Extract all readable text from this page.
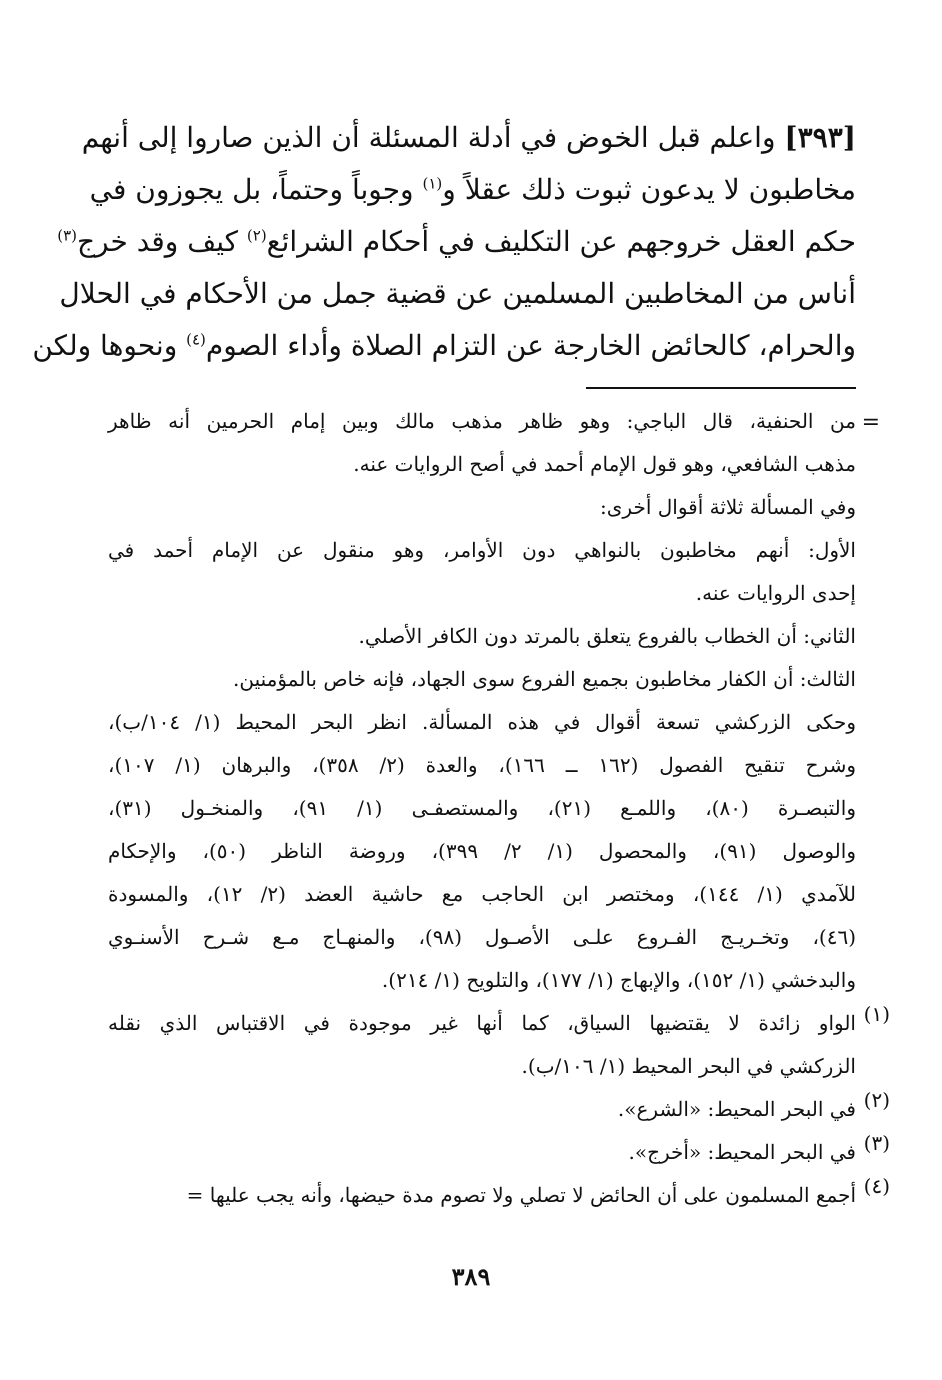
[٣٩٣] واعلم قبل الخوض في أدلة المسئلة أن الذين صاروا إلى أنهم
مخاطبون لا يدعون ثبوت ذلك عقلاً و$^{(١)}$ وجوباً وحتماً، بل يجوزون في
حكم العقل خروجهم عن التكليف في أحكام الشرائع$^{(٢)}$ كيف وقد خرج$^{(٣)}$
أناس من المخاطبين المسلمين عن قضية جمل من الأحكام في الحلال
والحرام، كالحائض الخارجة عن التزام الصلاة وأداء الصوم$^{(٤)}$ ونحوها ولكن
=
من الحنفية، قال الباجي: وهو ظاهر مذهب مالك وبين إمام الحرمين أنه ظاهر
مذهب الشافعي، وهو قول الإمام أحمد في أصح الروايات عنه.
وفي المسألة ثلاثة أقوال أخرى:
الأول: أنهم مخاطبون بالنواهي دون الأوامر، وهو منقول عن الإمام أحمد في
إحدى الروايات عنه.
الثاني: أن الخطاب بالفروع يتعلق بالمرتد دون الكافر الأصلي.
الثالث: أن الكفار مخاطبون بجميع الفروع سوى الجهاد، فإنه خاص بالمؤمنين.
وحكى الزركشي تسعة أقوال في هذه المسألة. انظر البحر المحيط (١/ ١٠٤/ب)،
وشرح تنقيح الفصول (١٦٢ ــ ١٦٦)، والعدة (٢/ ٣٥٨)، والبرهان (١/ ١٠٧)،
والتبصـرة (٨٠)، واللمـع (٢١)، والمستصفـى (١/ ٩١)، والمنخـول (٣١)،
والوصول (٩١)، والمحصول (١/ ٢/ ٣٩٩)، وروضة الناظر (٥٠)، والإحكام
للآمدي (١/ ١٤٤)، ومختصر ابن الحاجب مع حاشية العضد (٢/ ١٢)، والمسودة
(٤٦)، وتخـريـج الفـروع علـى الأصـول (٩٨)، والمنهـاج مـع شـرح الأسنـوي
والبدخشي (١/ ١٥٢)، والإبهاج (١/ ١٧٧)، والتلويح (١/ ٢١٤).
(١)
الواو زائدة لا يقتضيها السياق، كما أنها غير موجودة في الاقتباس الذي نقله
الزركشي في البحر المحيط (١/ ١٠٦/ب).
(٢)
في البحر المحيط: «الشرع».
(٣)
في البحر المحيط: «أخرج».
(٤)
أجمع المسلمون على أن الحائض لا تصلي ولا تصوم مدة حيضها، وأنه يجب عليها =
٣٨٩
